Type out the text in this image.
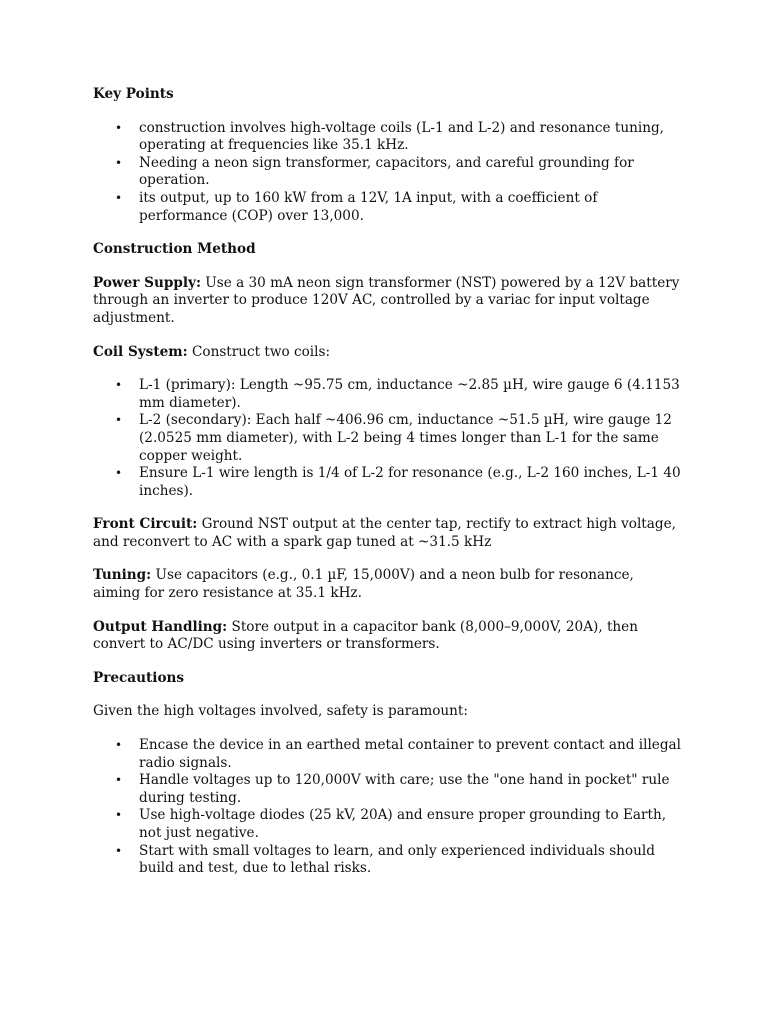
Key Points
• construction involves high-voltage coils (L-1 and L-2) and resonance tuning, operating at frequencies like 35.1 kHz.
• Needing a neon sign transformer, capacitors, and careful grounding for operation.
• its output, up to 160 kW from a 12V, 1A input, with a coefficient of performance (COP) over 13,000.
Construction Method

Power Supply: Use a 30 mA neon sign transformer (NST) powered by a 12V battery through an inverter to produce 120V AC, controlled by a variac for input voltage adjustment.

Coil System: Construct two coils:

• L-1 (primary): Length ~95.75 cm, inductance ~2.85 µH, wire gauge 6 (4.1153 mm diameter).
• L-2 (secondary): Each half ~406.96 cm, inductance ~51.5 µH, wire gauge 12 (2.0525 mm diameter), with L-2 being 4 times longer than L-1 for the same copper weight.
• Ensure L-1 wire length is 1/4 of L-2 for resonance (e.g., L-2 160 inches, L-1 40 inches).

Front Circuit: Ground NST output at the center tap, rectify to extract high voltage, and reconvert to AC with a spark gap tuned at ~31.5 kHz

Tuning: Use capacitors (e.g., 0.1 µF, 15,000V) and a neon bulb for resonance, aiming for zero resistance at 35.1 kHz.

Output Handling: Store output in a capacitor bank (8,000–9,000V, 20A), then convert to AC/DC using inverters or transformers.

Precautions

Given the high voltages involved, safety is paramount:

• Encase the device in an earthed metal container to prevent contact and illegal radio signals.
• Handle voltages up to 120,000V with care; use the "one hand in pocket" rule during testing.
• Use high-voltage diodes (25 kV, 20A) and ensure proper grounding to Earth, not just negative.
• Start with small voltages to learn, and only experienced individuals should build and test, due to lethal risks.
